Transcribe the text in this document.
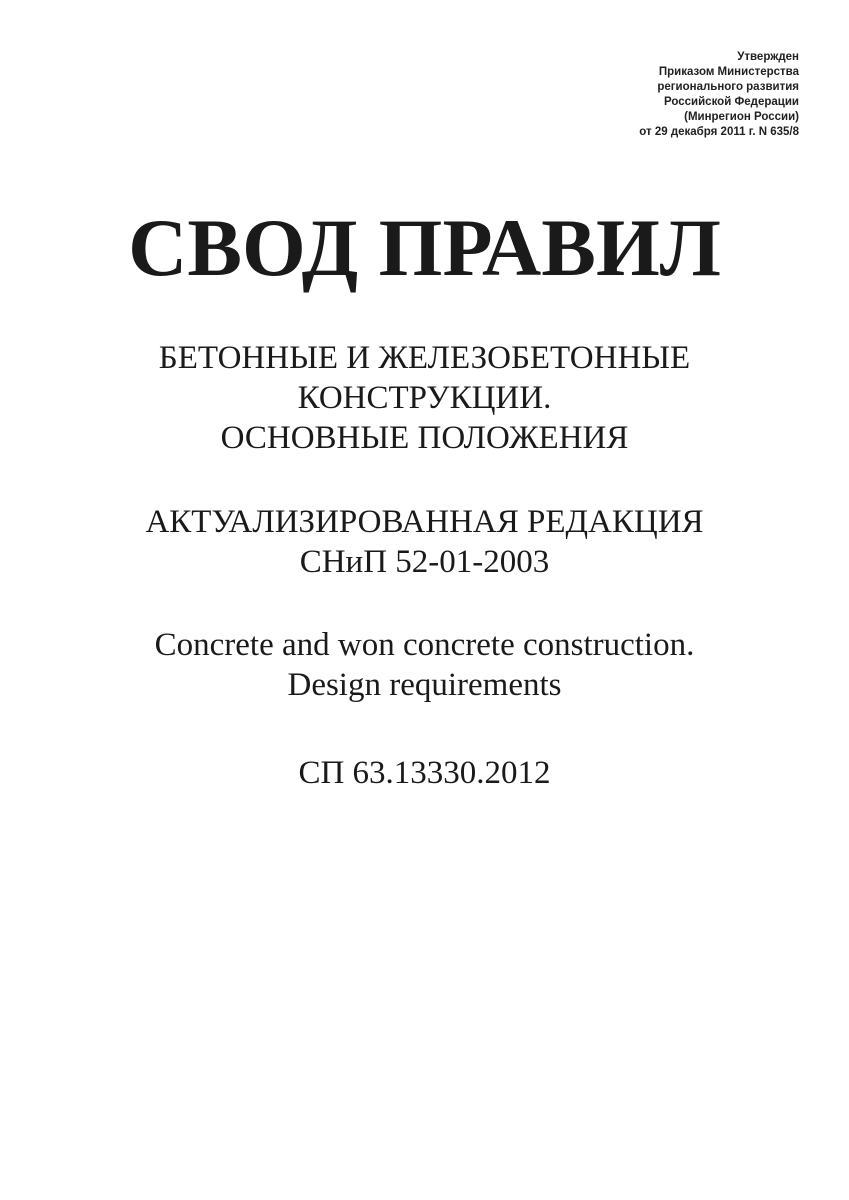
Утвержден
Приказом Министерства
регионального развития
Российской Федерации
(Минрегион России)
от 29 декабря 2011 г. N 635/8
СВОД ПРАВИЛ
БЕТОННЫЕ И ЖЕЛЕЗОБЕТОННЫЕ
КОНСТРУКЦИИ.
ОСНОВНЫЕ ПОЛОЖЕНИЯ
АКТУАЛИЗИРОВАННАЯ РЕДАКЦИЯ
СНиП 52-01-2003
Concrete and won concrete construction.
Design requirements
СП 63.13330.2012
